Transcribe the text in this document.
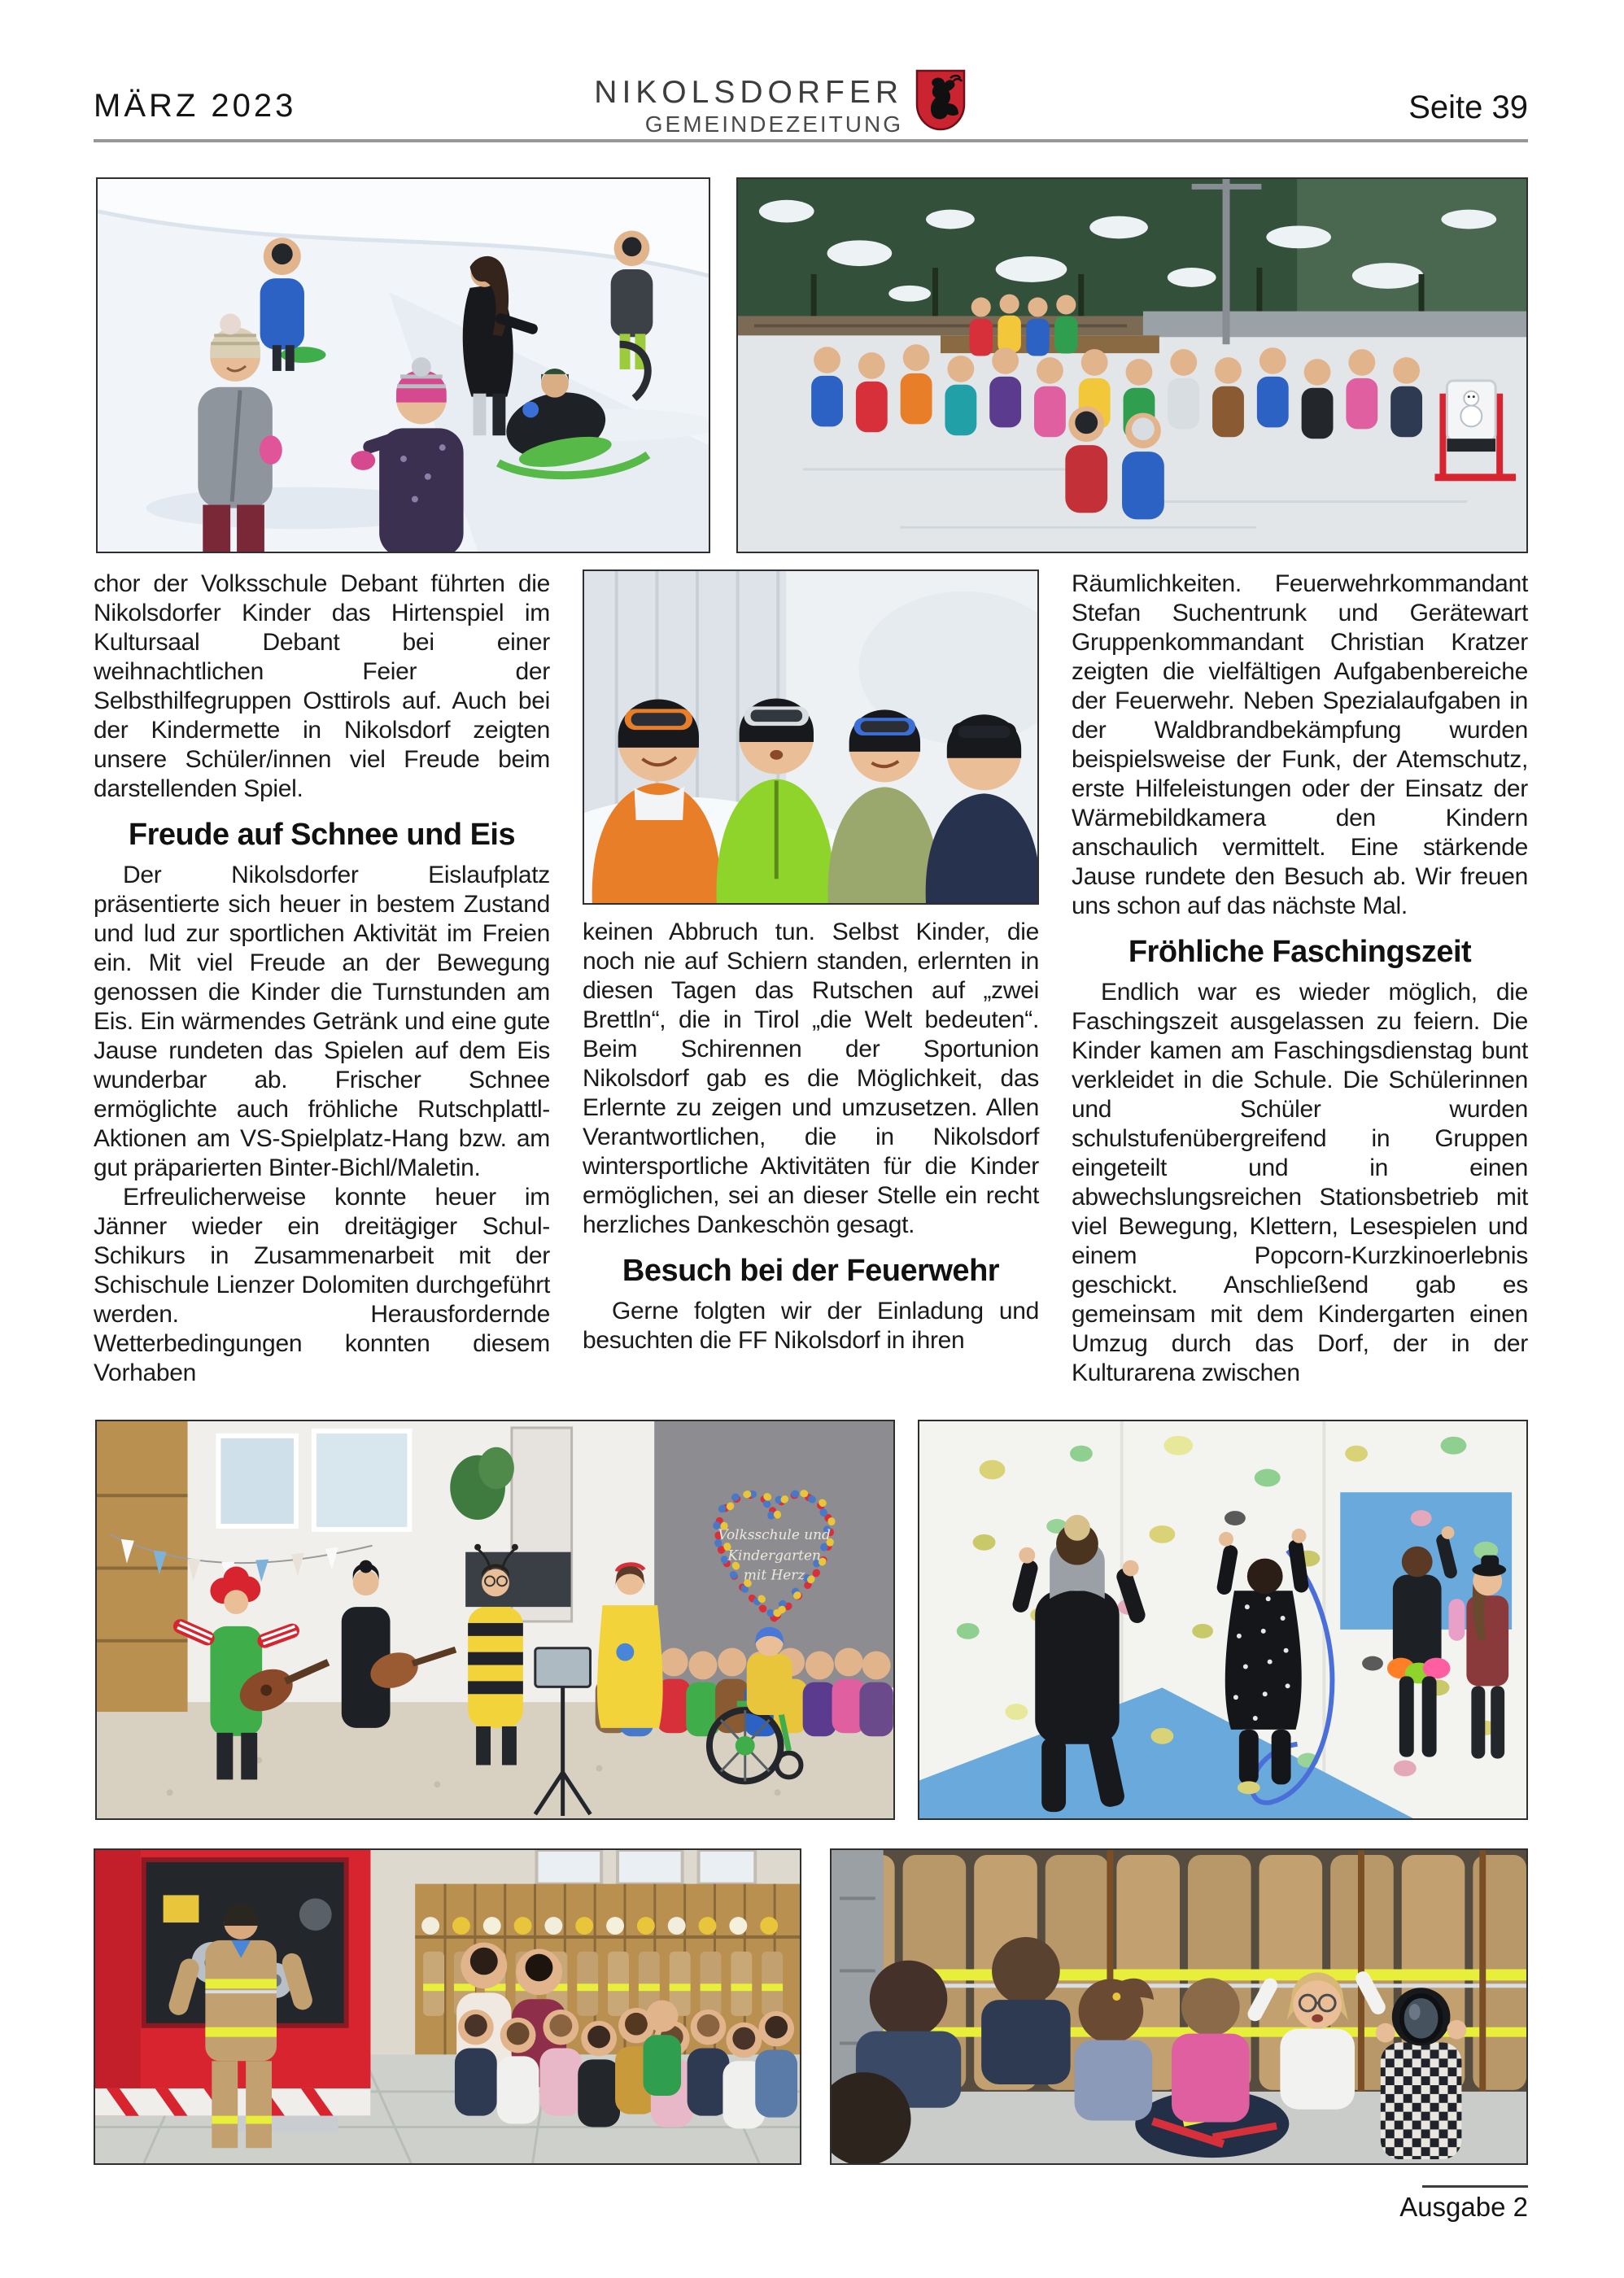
MÄRZ 2023	NIKOLSDORFER
GEMEINDEZEITUNG	Seite 39

chor der Volksschule Debant führten die Nikolsdorfer Kinder das Hirtenspiel im Kultursaal Debant bei einer weihnachtlichen Feier der Selbsthilfegruppen Osttirols auf. Auch bei der Kindermette in Nikolsdorf zeigten unsere Schüler/innen viel Freude beim darstellenden Spiel.

Freude auf Schnee und Eis

Der Nikolsdorfer Eislaufplatz präsentierte sich heuer in bestem Zustand und lud zur sportlichen Aktivität im Freien ein. Mit viel Freude an der Bewegung genossen die Kinder die Turnstunden am Eis. Ein wärmendes Getränk und eine gute Jause rundeten das Spielen auf dem Eis wunderbar ab. Frischer Schnee ermöglichte auch fröhliche Rutschplattl-Aktionen am VS-Spielplatz-Hang bzw. am gut präparierten Binter-Bichl/Maletin.

Erfreulicherweise konnte heuer im Jänner wieder ein dreitägiger Schul-Schikurs in Zusammenarbeit mit der Schischule Lienzer Dolomiten durchgeführt werden. Herausfordernde Wetterbedingungen konnten diesem Vorhaben

keinen Abbruch tun. Selbst Kinder, die noch nie auf Schiern standen, erlernten in diesen Tagen das Rutschen auf „zwei Brettln“, die in Tirol „die Welt bedeuten“. Beim Schirennen der Sportunion Nikolsdorf gab es die Möglichkeit, das Erlernte zu zeigen und umzusetzen. Allen Verantwortlichen, die in Nikolsdorf wintersportliche Aktivitäten für die Kinder ermöglichen, sei an dieser Stelle ein recht herzliches Dankeschön gesagt.

Besuch bei der Feuerwehr

Gerne folgten wir der Einladung und besuchten die FF Nikolsdorf in ihren

Räumlichkeiten. Feuerwehrkommandant Stefan Suchentrunk und Gerätewart Gruppenkommandant Christian Kratzer zeigten die vielfältigen Aufgabenbereiche der Feuerwehr. Neben Spezialaufgaben in der Waldbrandbekämpfung wurden beispielsweise der Funk, der Atemschutz, erste Hilfeleistungen oder der Einsatz der Wärmebildkamera den Kindern anschaulich vermittelt. Eine stärkende Jause rundete den Besuch ab. Wir freuen uns schon auf das nächste Mal.

Fröhliche Faschingszeit

Endlich war es wieder möglich, die Faschingszeit ausgelassen zu feiern. Die Kinder kamen am Faschingsdienstag bunt verkleidet in die Schule. Die Schülerinnen und Schüler wurden schulstufenübergreifend in Gruppen eingeteilt und in einen abwechslungsreichen Stationsbetrieb mit viel Bewegung, Klettern, Lesespielen und einem Popcorn-Kurzkinoerlebnis geschickt. Anschließend gab es gemeinsam mit dem Kindergarten einen Umzug durch das Dorf, der in der Kulturarena zwischen

Volksschule und
Kindergarten
mit Herz
Ausgabe 2
